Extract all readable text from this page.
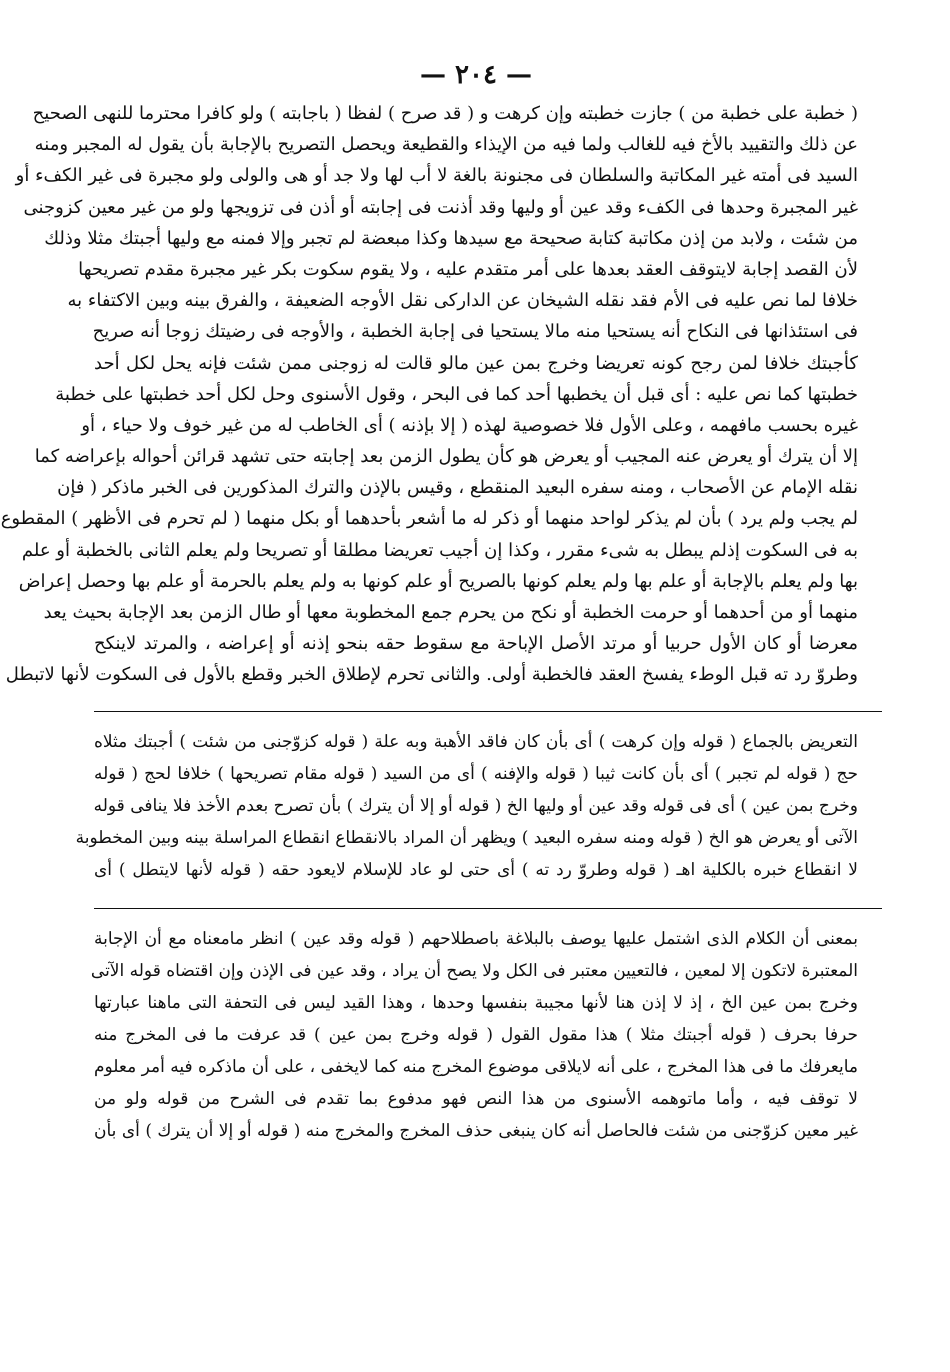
— ٢٠٤ —
( خطبة على خطبة من ) جازت خطبته وإن كرهت و ( قد صرح ) لفظا ( باجابته ) ولو كافرا محترما للنهى الصحيح
عن ذلك والتقييد بالأخ فيه للغالب ولما فيه من الإيذاء والقطيعة ويحصل التصريح بالإجابة بأن يقول له المجبر ومنه
السيد فى أمته غير المكاتبة والسلطان فى مجنونة بالغة لا أب لها ولا جد أو هى والولى ولو مجبرة فى غير الكفء أو
غير المجبرة وحدها فى الكفء وقد عين أو وليها وقد أذنت فى إجابته أو أذن فى تزويجها ولو من غير معين كزوجنى
من شئت ، ولابد من إذن مكاتبة كتابة صحيحة مع سيدها وكذا مبعضة لم تجبر وإلا فمنه مع وليها أجبتك مثلا وذلك
لأن القصد إجابة لايتوقف العقد بعدها على أمر متقدم عليه ، ولا يقوم سكوت بكر غير مجبرة مقدم تصريحها
خلافا لما نص عليه فى الأم فقد نقله الشيخان عن الداركى نقل الأوجه الضعيفة ، والفرق بينه وبين الاكتفاء به
فى استئذانها فى النكاح أنه يستحيا منه مالا يستحيا فى إجابة الخطبة ، والأوجه فى رضيتك زوجا أنه صريح
كأجبتك خلافا لمن رجح كونه تعريضا وخرج بمن عين مالو قالت له زوجنى ممن شئت فإنه يحل لكل أحد
خطبتها كما نص عليه : أى قبل أن يخطبها أحد كما فى البحر ، وقول الأسنوى وحل لكل أحد خطبتها على خطبة
غيره بحسب مافهمه ، وعلى الأول فلا خصوصية لهذه ( إلا بإذنه ) أى الخاطب له من غير خوف ولا حياء ، أو
إلا أن يترك أو يعرض عنه المجيب أو يعرض هو كأن يطول الزمن بعد إجابته حتى تشهد قرائن أحواله بإعراضه كما
نقله الإمام عن الأصحاب ، ومنه سفره البعيد المنقطع ، وقيس بالإذن والترك المذكورين فى الخبر ماذكر ( فإن
لم يجب ولم يرد ) بأن لم يذكر لواحد منهما أو ذكر له ما أشعر بأحدهما أو بكل منهما ( لم تحرم فى الأظهر ) المقطوع
به فى السكوت إذلم يبطل به شىء مقرر ، وكذا إن أجيب تعريضا مطلقا أو تصريحا ولم يعلم الثانى بالخطبة أو علم
بها ولم يعلم بالإجابة أو علم بها ولم يعلم كونها بالصريح أو علم كونها به ولم يعلم بالحرمة أو علم بها وحصل إعراض
منهما أو من أحدهما أو حرمت الخطبة أو نكح من يحرم جمع المخطوبة معها أو طال الزمن بعد الإجابة بحيث يعد
معرضا أو كان الأول حربيا أو مرتد الأصل الإباحة مع سقوط حقه بنحو إذنه أو إعراضه ، والمرتد لاينكح
وطروّ رد ته قبل الوطء يفسخ العقد فالخطبة أولى. والثانى تحرم لإطلاق الخبر وقطع بالأول فى السكوت لأنها لاتبطل
التعريض بالجماع ( قوله وإن كرهت ) أى بأن كان فاقد الأهبة وبه علة ( قوله كزوّجنى من شئت ) أجبتك مثلاه
حج ( قوله لم تجبر ) أى بأن كانت ثيبا ( قوله والإفنه ) أى من السيد ( قوله مقام تصريحها ) خلافا لحج ( قوله
وخرج بمن عين ) أى فى قوله وقد عين أو وليها الخ ( قوله أو إلا أن يترك ) بأن تصرح بعدم الأخذ فلا ينافى قوله
الآتى أو يعرض هو الخ ( قوله ومنه سفره البعيد ) ويظهر أن المراد بالانقطاع انقطاع المراسلة بينه وبين المخطوبة
لا انقطاع خبره بالكلية اهـ ( قوله وطروّ رد ته ) أى حتى لو عاد للإسلام لايعود حقه ( قوله لأنها لايتطل ) أى
بمعنى أن الكلام الذى اشتمل عليها يوصف بالبلاغة باصطلاحهم ( قوله وقد عين ) انظر مامعناه مع أن الإجابة
المعتبرة لاتكون إلا لمعين ، فالتعيين معتبر فى الكل ولا يصح أن يراد ، وقد عين فى الإذن وإن اقتضاه قوله الآتى
وخرج بمن عين الخ ، إذ لا إذن هنا لأنها مجيبة بنفسها وحدها ، وهذا القيد ليس فى التحفة التى ماهنا عبارتها
حرفا بحرف ( قوله أجبتك مثلا ) هذا مقول القول ( قوله وخرج بمن عين ) قد عرفت ما فى المخرج منه
مايعرفك ما فى هذا المخرج ، على أنه لايلاقى موضوع المخرج منه كما لايخفى ، على أن ماذكره فيه أمر معلوم
لا توقف فيه ، وأما ماتوهمه الأسنوى من هذا النص فهو مدفوع بما تقدم فى الشرح من قوله ولو من
غير معين كزوّجنى من شئت فالحاصل أنه كان ينبغى حذف المخرج والمخرج منه ( قوله أو إلا أن يترك ) أى بأن
